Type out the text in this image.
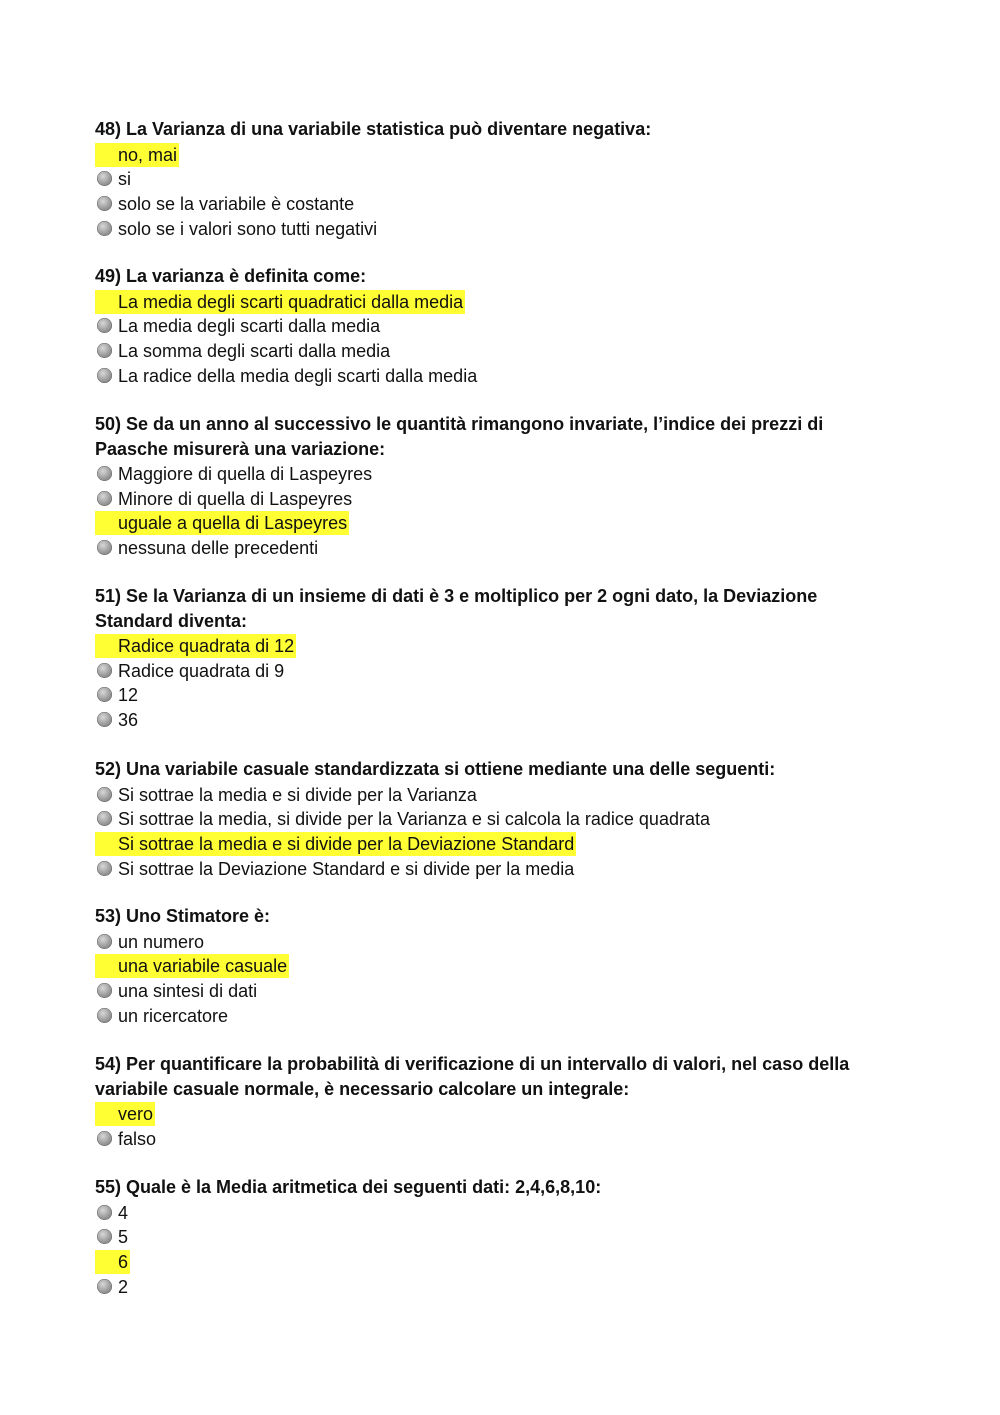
48) La Varianza di una variabile statistica può diventare negativa:
no, mai
si
solo se la variabile è costante
solo se i valori sono tutti negativi
49) La varianza è definita come:
La media degli scarti quadratici dalla media
La media degli scarti dalla media
La somma degli scarti dalla media
La radice della media degli scarti dalla media
50) Se da un anno al successivo le quantità rimangono invariate, l’indice dei prezzi di Paasche misurerà una variazione:
Maggiore di quella di Laspeyres
Minore di quella di Laspeyres
uguale a quella di Laspeyres
nessuna delle precedenti
51) Se la Varianza di un insieme di dati è 3 e moltiplico per 2 ogni dato, la Deviazione Standard diventa:
Radice quadrata di 12
Radice quadrata di 9
12
36
52) Una variabile casuale standardizzata si ottiene mediante una delle seguenti:
Si sottrae la media e si divide per la Varianza
Si sottrae la media, si divide per la Varianza e si calcola la radice quadrata
Si sottrae la media e si divide per la Deviazione Standard
Si sottrae la Deviazione Standard e si divide per la media
53) Uno Stimatore è:
un numero
una variabile casuale
una sintesi di dati
un ricercatore
54) Per quantificare la probabilità di verificazione di un intervallo di valori, nel caso della variabile casuale normale, è necessario calcolare un integrale:
vero
falso
55) Quale è la Media aritmetica dei seguenti dati: 2,4,6,8,10:
4
5
6
2
